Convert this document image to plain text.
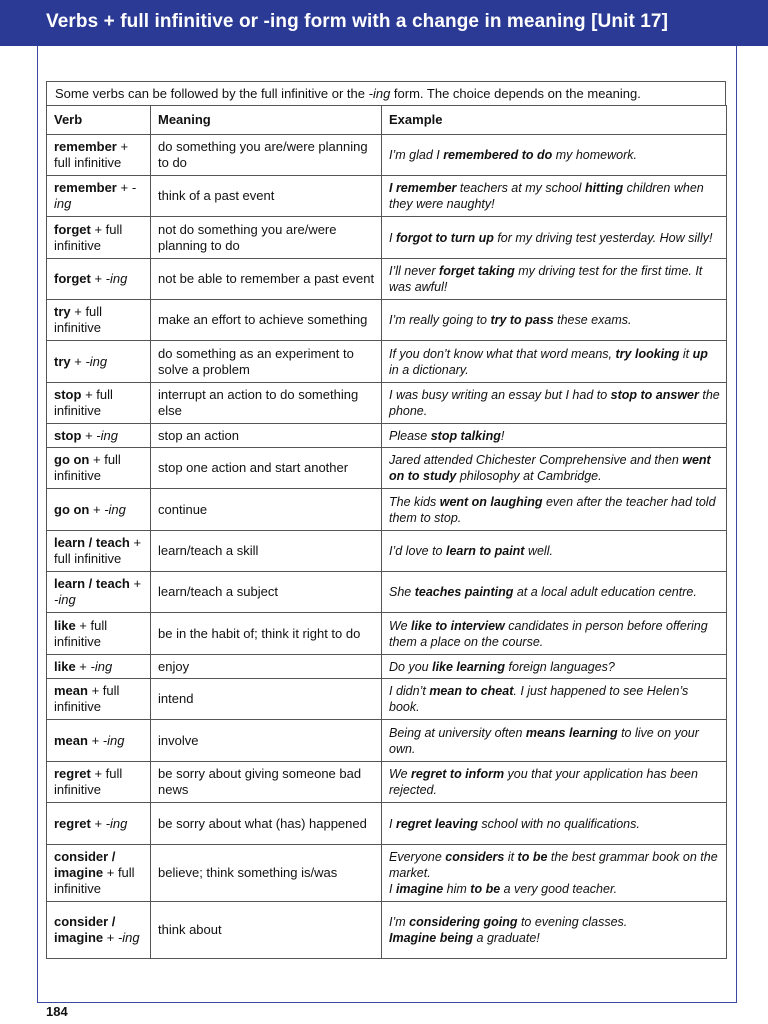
Verbs + full infinitive or -ing form with a change in meaning [Unit 17]
Some verbs can be followed by the full infinitive or the -ing form. The choice depends on the meaning.
Verb	Meaning	Example
remember + full infinitive	do something you are/were planning to do	I’m glad I remembered to do my homework.
remember + -ing	think of a past event	I remember teachers at my school hitting children when they were naughty!
forget + full infinitive	not do something you are/were planning to do	I forgot to turn up for my driving test yesterday. How silly!
forget + -ing	not be able to remember a past event	I’ll never forget taking my driving test for the first time. It was awful!
try + full infinitive	make an effort to achieve something	I’m really going to try to pass these exams.
try + -ing	do something as an experiment to solve a problem	If you don’t know what that word means, try looking it up in a dictionary.
stop + full infinitive	interrupt an action to do something else	I was busy writing an essay but I had to stop to answer the phone.
stop + -ing	stop an action	Please stop talking!
go on + full infinitive	stop one action and start another	Jared attended Chichester Comprehensive and then went on to study philosophy at Cambridge.
go on + -ing	continue	The kids went on laughing even after the teacher had told them to stop.
learn / teach + full infinitive	learn/teach a skill	I’d love to learn to paint well.
learn / teach + -ing	learn/teach a subject	She teaches painting at a local adult education centre.
like + full infinitive	be in the habit of; think it right to do	We like to interview candidates in person before offering them a place on the course.
like + -ing	enjoy	Do you like learning foreign languages?
mean + full infinitive	intend	I didn’t mean to cheat. I just happened to see Helen’s book.
mean + -ing	involve	Being at university often means learning to live on your own.
regret + full infinitive	be sorry about giving someone bad news	We regret to inform you that your application has been rejected.
regret + -ing	be sorry about what (has) happened	I regret leaving school with no qualifications.
consider / imagine + full infinitive	believe; think something is/was	Everyone considers it to be the best grammar book on the market.
I imagine him to be a very good teacher.
consider / imagine + -ing	think about	I’m considering going to evening classes.
Imagine being a graduate!
184
